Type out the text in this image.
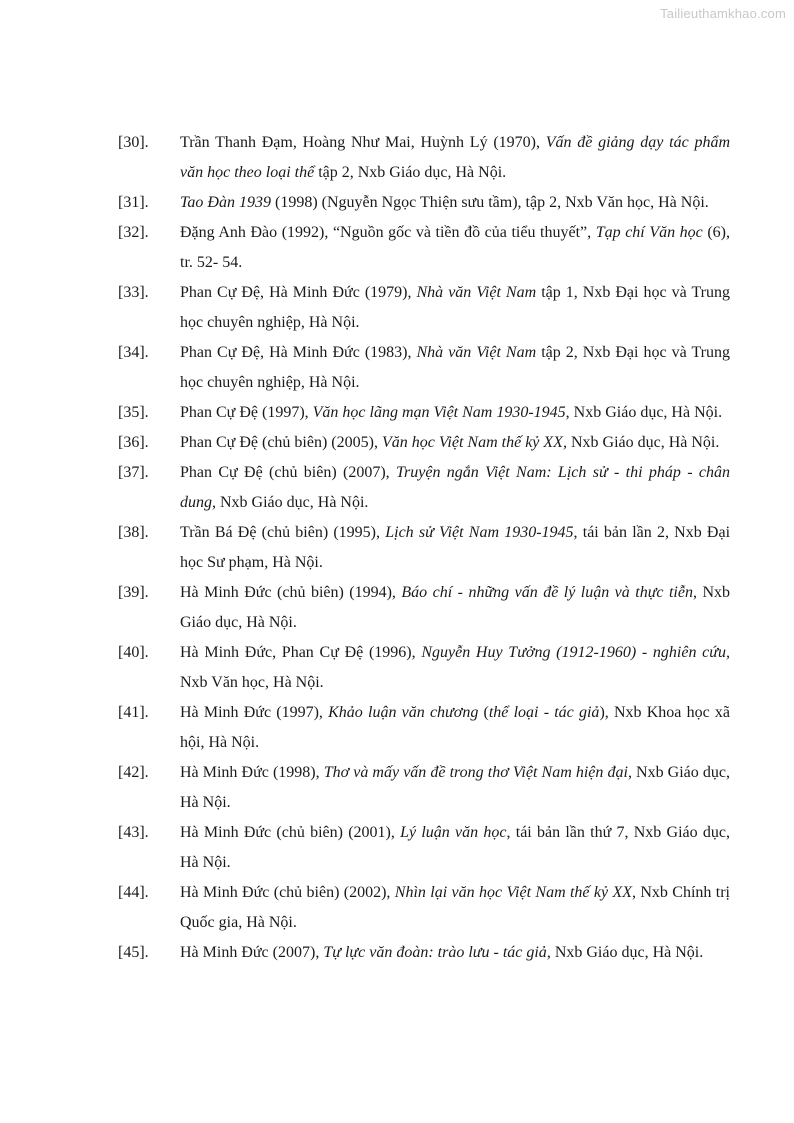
Tailieuthamkhao.com
[30].	Trần Thanh Đạm, Hoàng Như Mai, Huỳnh Lý (1970), Vấn đề giảng dạy tác phẩm văn học theo loại thể tập 2, Nxb Giáo dục, Hà Nội.
[31].	Tao Đàn 1939 (1998) (Nguyễn Ngọc Thiện sưu tầm), tập 2, Nxb Văn học, Hà Nội.
[32].	Đặng Anh Đào (1992), “Nguồn gốc và tiền đồ của tiểu thuyết”, Tạp chí Văn học (6), tr. 52- 54.
[33].	Phan Cự Đệ, Hà Minh Đức (1979), Nhà văn Việt Nam tập 1, Nxb Đại học và Trung học chuyên nghiệp, Hà Nội.
[34].	Phan Cự Đệ, Hà Minh Đức (1983), Nhà văn Việt Nam tập 2, Nxb Đại học và Trung học chuyên nghiệp, Hà Nội.
[35].	Phan Cự Đệ (1997), Văn học lãng mạn Việt Nam 1930-1945, Nxb Giáo dục, Hà Nội.
[36].	Phan Cự Đệ (chủ biên) (2005), Văn học Việt Nam thế kỷ XX, Nxb Giáo dục, Hà Nội.
[37].	Phan Cự Đệ (chủ biên) (2007), Truyện ngắn Việt Nam: Lịch sử - thi pháp - chân dung, Nxb Giáo dục, Hà Nội.
[38].	Trần Bá Đệ (chủ biên) (1995), Lịch sử Việt Nam 1930-1945, tái bản lần 2, Nxb Đại học Sư phạm, Hà Nội.
[39].	Hà Minh Đức (chủ biên) (1994), Báo chí - những vấn đề lý luận và thực tiễn, Nxb Giáo dục, Hà Nội.
[40].	Hà Minh Đức, Phan Cự Đệ (1996), Nguyễn Huy Tưởng (1912-1960) - nghiên cứu, Nxb Văn học, Hà Nội.
[41].	Hà Minh Đức (1997), Khảo luận văn chương (thể loại - tác giả), Nxb Khoa học xã hội, Hà Nội.
[42].	Hà Minh Đức (1998), Thơ và mấy vấn đề trong thơ Việt Nam hiện đại, Nxb Giáo dục, Hà Nội.
[43].	Hà Minh Đức (chủ biên) (2001), Lý luận văn học, tái bản lần thứ 7, Nxb Giáo dục, Hà Nội.
[44].	Hà Minh Đức (chủ biên) (2002), Nhìn lại văn học Việt Nam thế kỷ XX, Nxb Chính trị Quốc gia, Hà Nội.
[45].	Hà Minh Đức (2007), Tự lực văn đoàn: trào lưu - tác giả, Nxb Giáo dục, Hà Nội.
